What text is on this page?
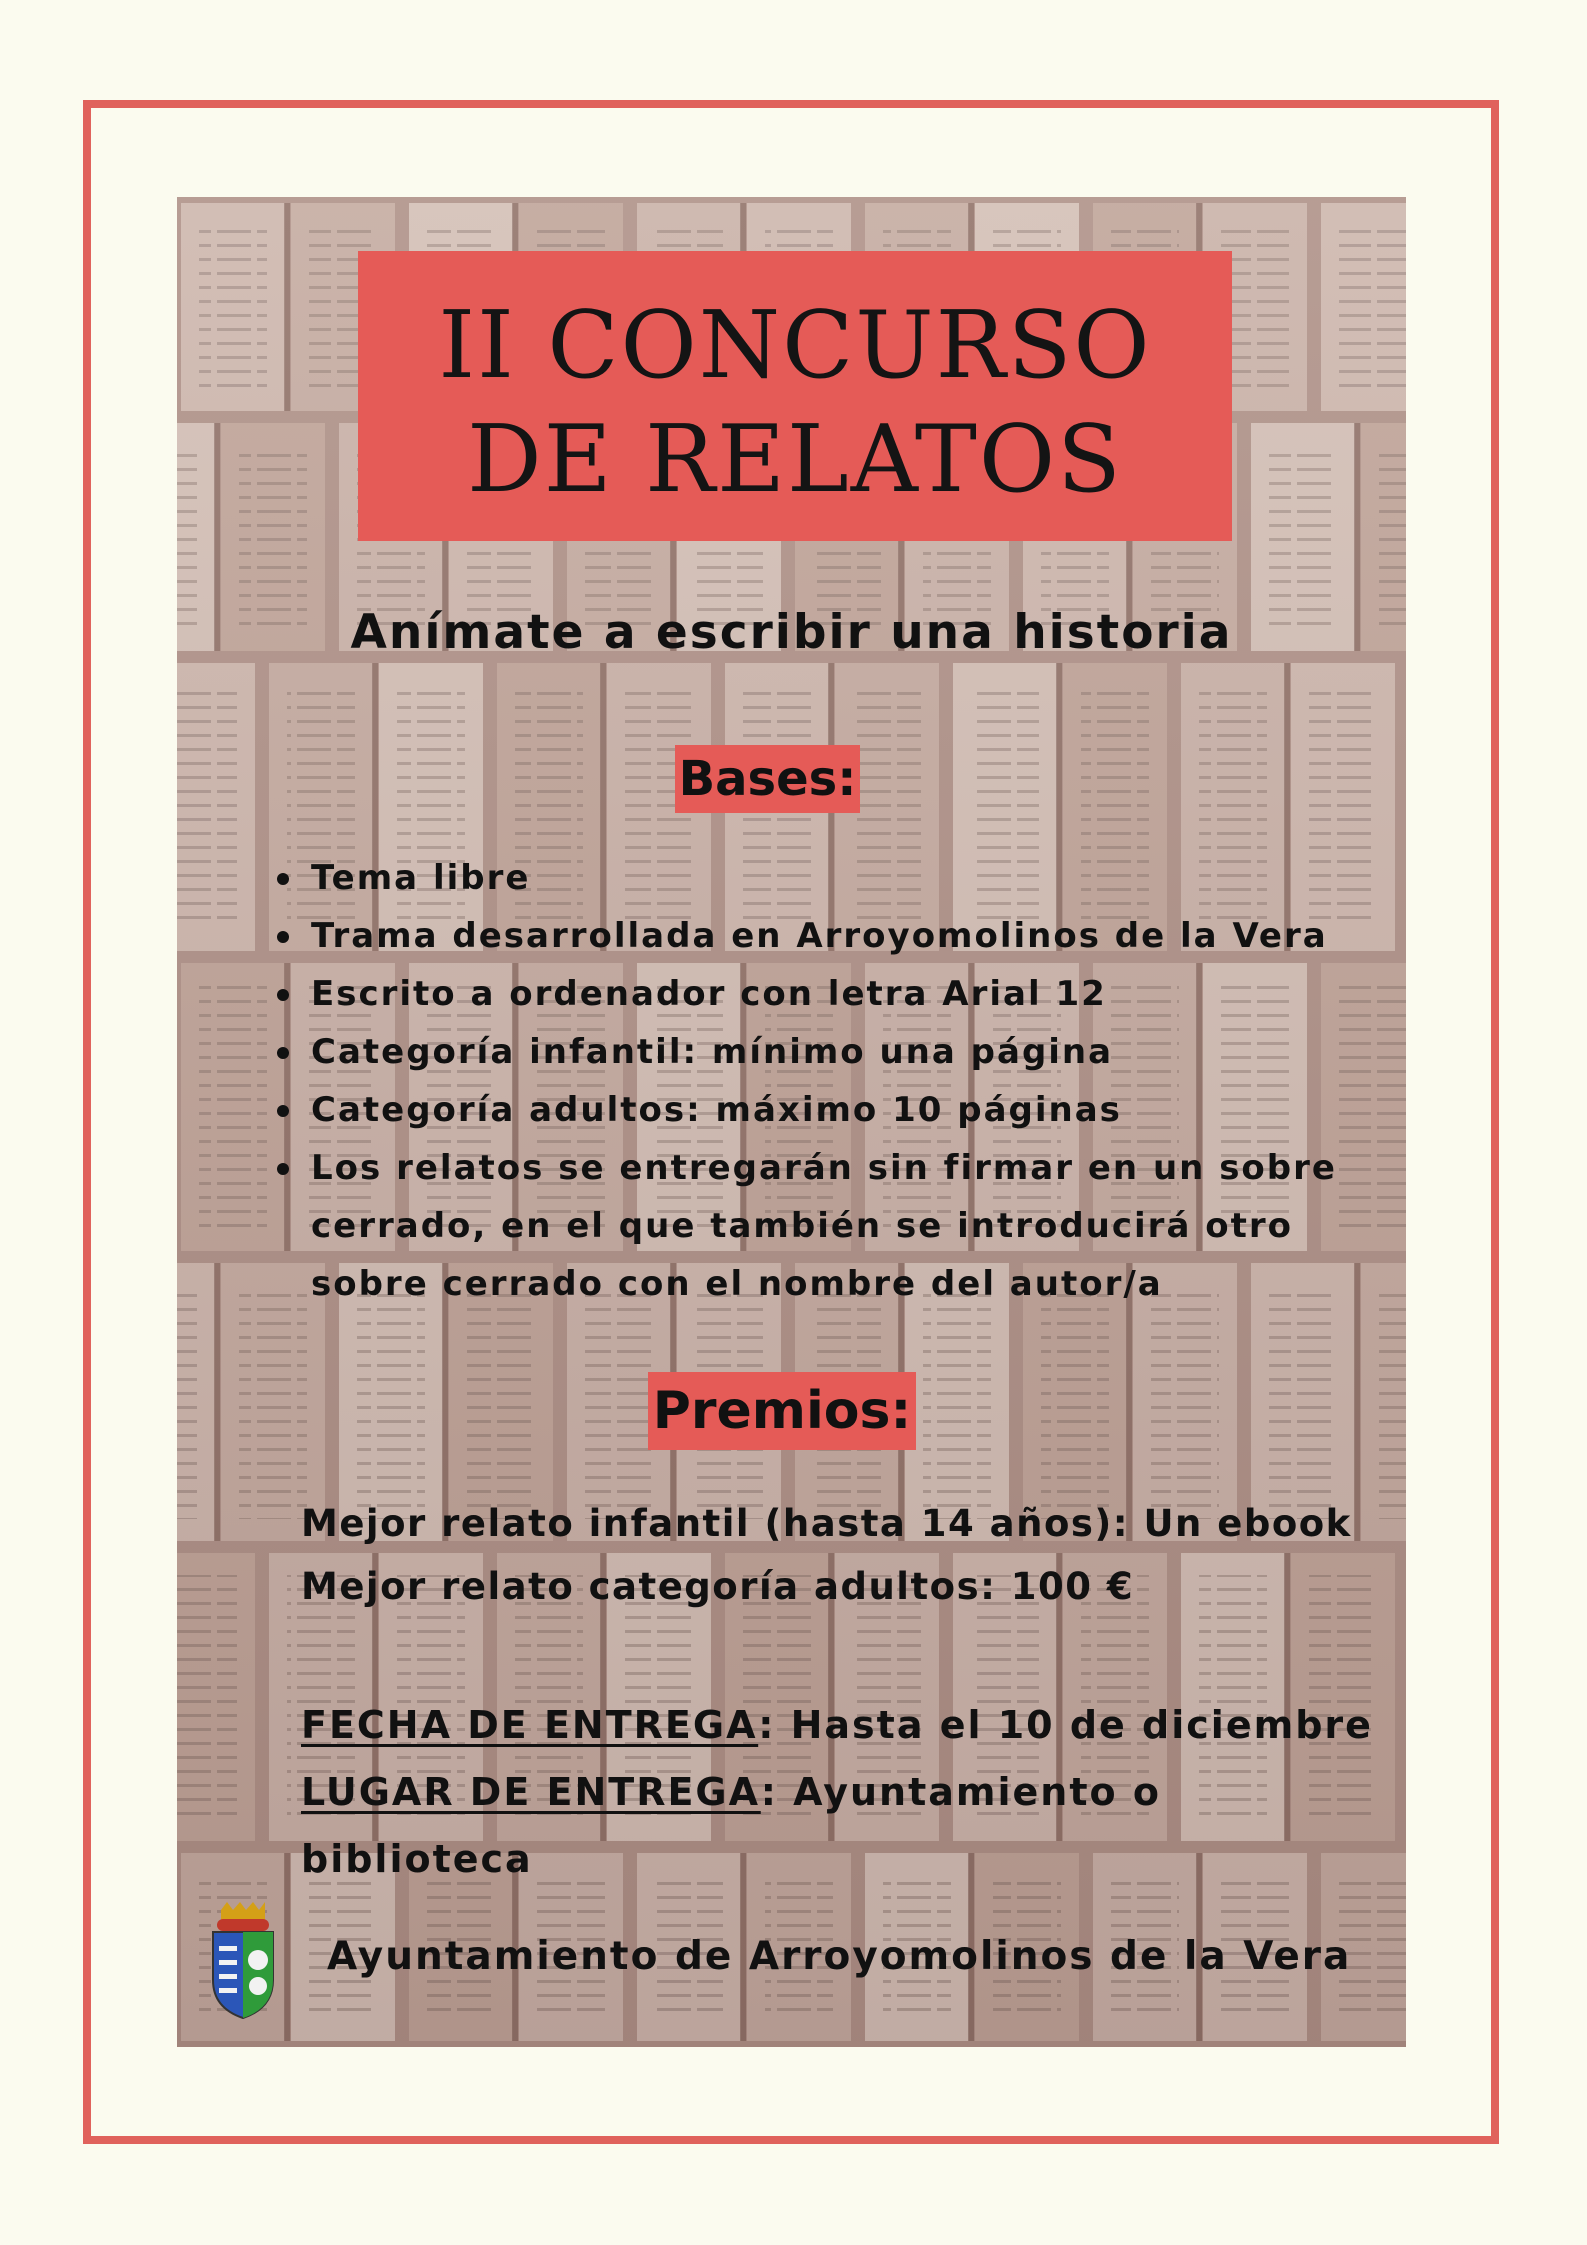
II CONCURSO
DE RELATOS
Anímate a escribir una historia
Bases:
Tema libre
Trama desarrollada en Arroyomolinos de la Vera
Escrito a ordenador con letra Arial 12
Categoría infantil: mínimo una página
Categoría adultos: máximo 10 páginas
Los relatos se entregarán sin firmar en un sobre cerrado, en el que también se introducirá otro sobre cerrado con el nombre del autor/a
Premios:
Mejor relato infantil (hasta 14 años): Un ebook
Mejor relato categoría adultos: 100 €
FECHA DE ENTREGA: Hasta el 10 de diciembre
LUGAR DE ENTREGA: Ayuntamiento o biblioteca
Ayuntamiento de Arroyomolinos de la Vera
